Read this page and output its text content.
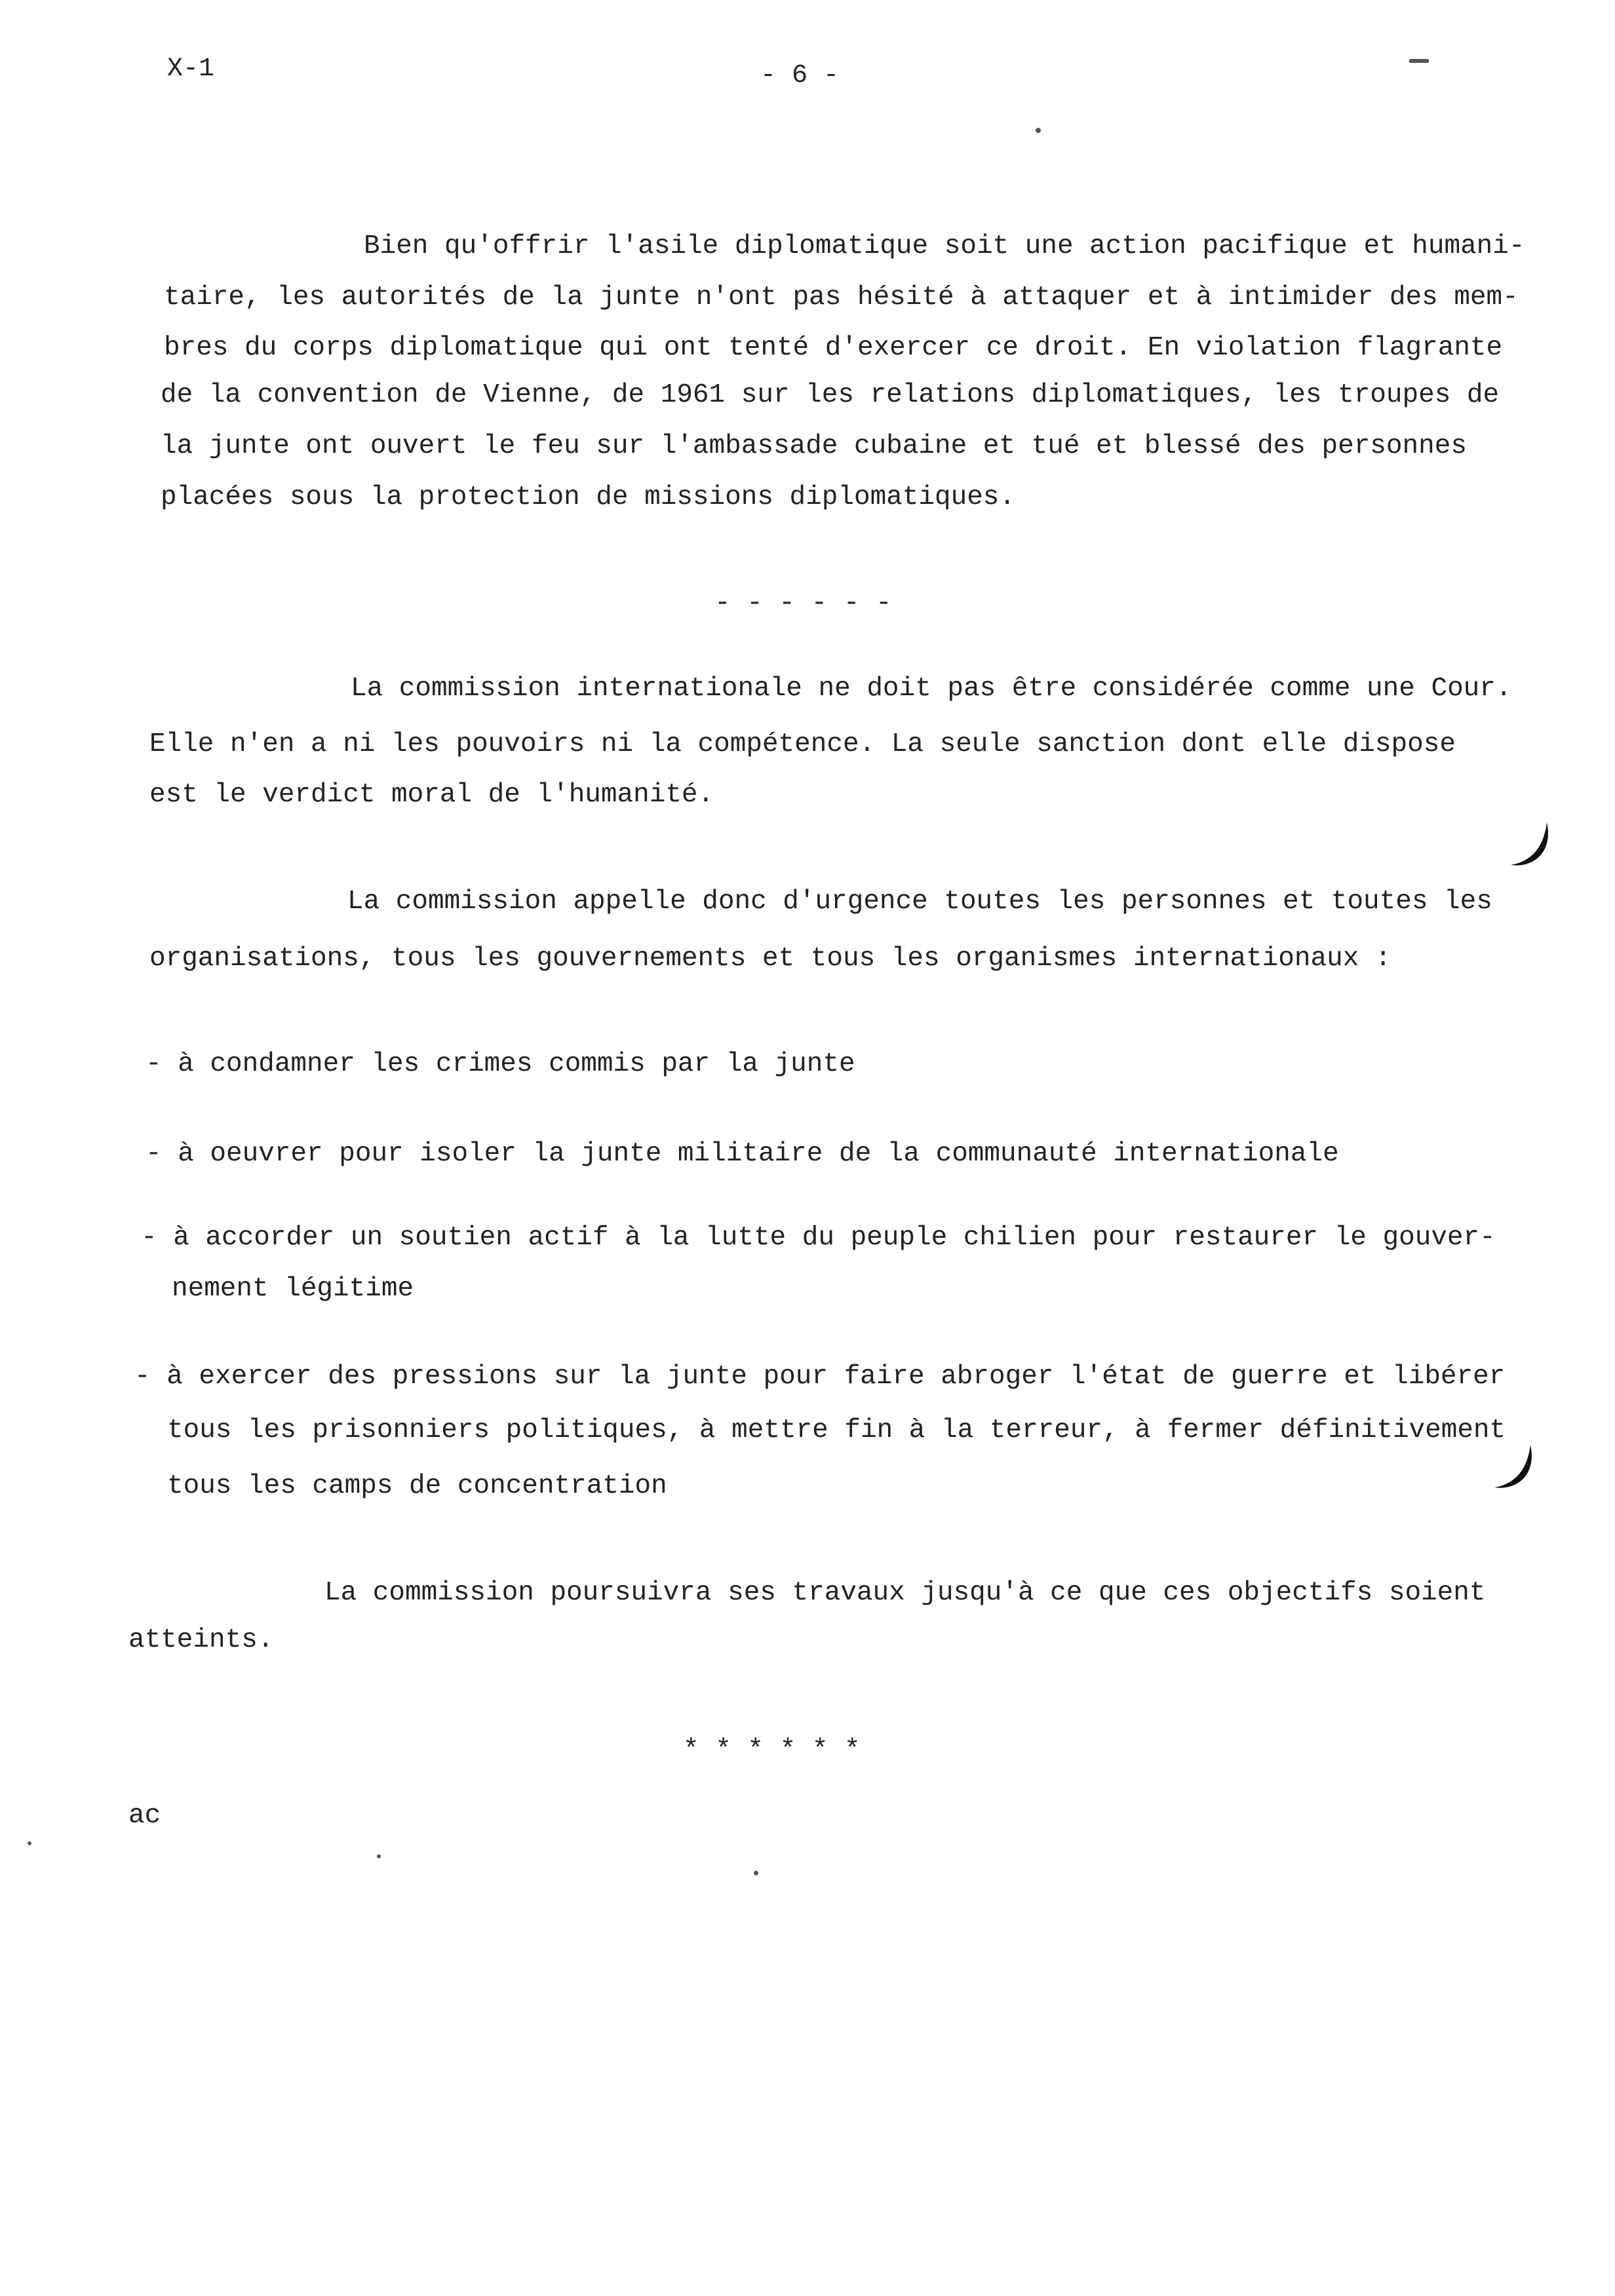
X-1	- 6 -
Bien qu'offrir l'asile diplomatique soit une action pacifique et humani-
taire, les autorités de la junte n'ont pas hésité à attaquer et à intimider des mem-
bres du corps diplomatique qui ont tenté d'exercer ce droit. En violation flagrante
de la convention de Vienne, de 1961 sur les relations diplomatiques, les troupes de
la junte ont ouvert le feu sur l'ambassade cubaine et tué et blessé des personnes
placées sous la protection de missions diplomatiques.
- - - - - -
La commission internationale ne doit pas être considérée comme une Cour.
Elle n'en a ni les pouvoirs ni la compétence. La seule sanction dont elle dispose
est le verdict moral de l'humanité.
La commission appelle donc d'urgence toutes les personnes et toutes les
organisations, tous les gouvernements et tous les organismes internationaux :
- à condamner les crimes commis par la junte
- à oeuvrer pour isoler la junte militaire de la communauté internationale
- à accorder un soutien actif à la lutte du peuple chilien pour restaurer le gouver-
nement légitime
- à exercer des pressions sur la junte pour faire abroger l'état de guerre et libérer
tous les prisonniers politiques, à mettre fin à la terreur, à fermer définitivement
tous les camps de concentration
La commission poursuivra ses travaux jusqu'à ce que ces objectifs soient
atteints.
* * * * * *
ac
